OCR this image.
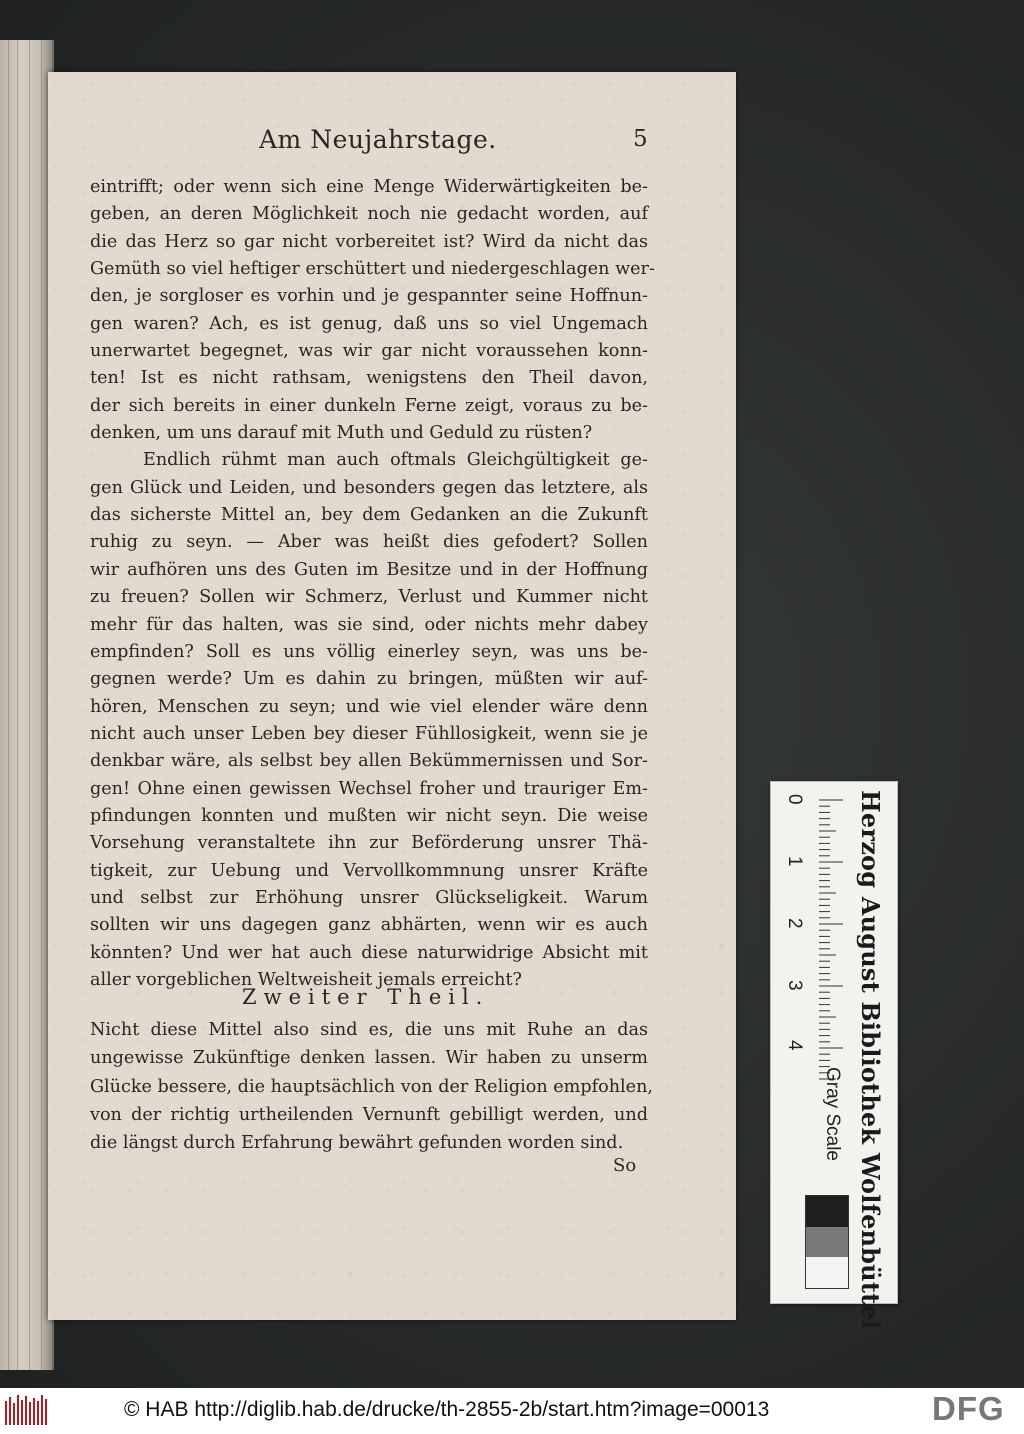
Am Neujahrstage.	5
eintrifft; oder wenn sich eine Menge Widerwärtigkeiten be-
geben, an deren Möglichkeit noch nie gedacht worden, auf
die das Herz so gar nicht vorbereitet ist? Wird da nicht das
Gemüth so viel heftiger erschüttert und niedergeschlagen wer-
den, je sorgloser es vorhin und je gespannter seine Hoffnun-
gen waren? Ach, es ist genug, daß uns so viel Ungemach
unerwartet begegnet, was wir gar nicht voraussehen konn-
ten! Ist es nicht rathsam, wenigstens den Theil davon,
der sich bereits in einer dunkeln Ferne zeigt, voraus zu be-
denken, um uns darauf mit Muth und Geduld zu rüsten?
Endlich rühmt man auch oftmals Gleichgültigkeit ge-
gen Glück und Leiden, und besonders gegen das letztere, als
das sicherste Mittel an, bey dem Gedanken an die Zukunft
ruhig zu seyn. — Aber was heißt dies gefodert? Sollen
wir aufhören uns des Guten im Besitze und in der Hoffnung
zu freuen? Sollen wir Schmerz, Verlust und Kummer nicht
mehr für das halten, was sie sind, oder nichts mehr dabey
empfinden? Soll es uns völlig einerley seyn, was uns be-
gegnen werde? Um es dahin zu bringen, müßten wir auf-
hören, Menschen zu seyn; und wie viel elender wäre denn
nicht auch unser Leben bey dieser Fühllosigkeit, wenn sie je
denkbar wäre, als selbst bey allen Bekümmernissen und Sor-
gen! Ohne einen gewissen Wechsel froher und trauriger Em-
pfindungen konnten und mußten wir nicht seyn. Die weise
Vorsehung veranstaltete ihn zur Beförderung unsrer Thä-
tigkeit, zur Uebung und Vervollkommnung unsrer Kräfte
und selbst zur Erhöhung unsrer Glückseligkeit. Warum
sollten wir uns dagegen ganz abhärten, wenn wir es auch
könnten? Und wer hat auch diese naturwidrige Absicht mit
aller vorgeblichen Weltweisheit jemals erreicht?
Zweiter Theil.
Nicht diese Mittel also sind es, die uns mit Ruhe an das
ungewisse Zukünftige denken lassen. Wir haben zu unserm
Glücke bessere, die hauptsächlich von der Religion empfohlen,
von der richtig urtheilenden Vernunft gebilligt werden, und
die längst durch Erfahrung bewährt gefunden worden sind.
So
0
1
2
3
4
Gray Scale Herzog August Bibliothek Wolfenbüttel
© HAB http://diglib.hab.de/drucke/th-2855-2b/start.htm?image=00013	DFG
